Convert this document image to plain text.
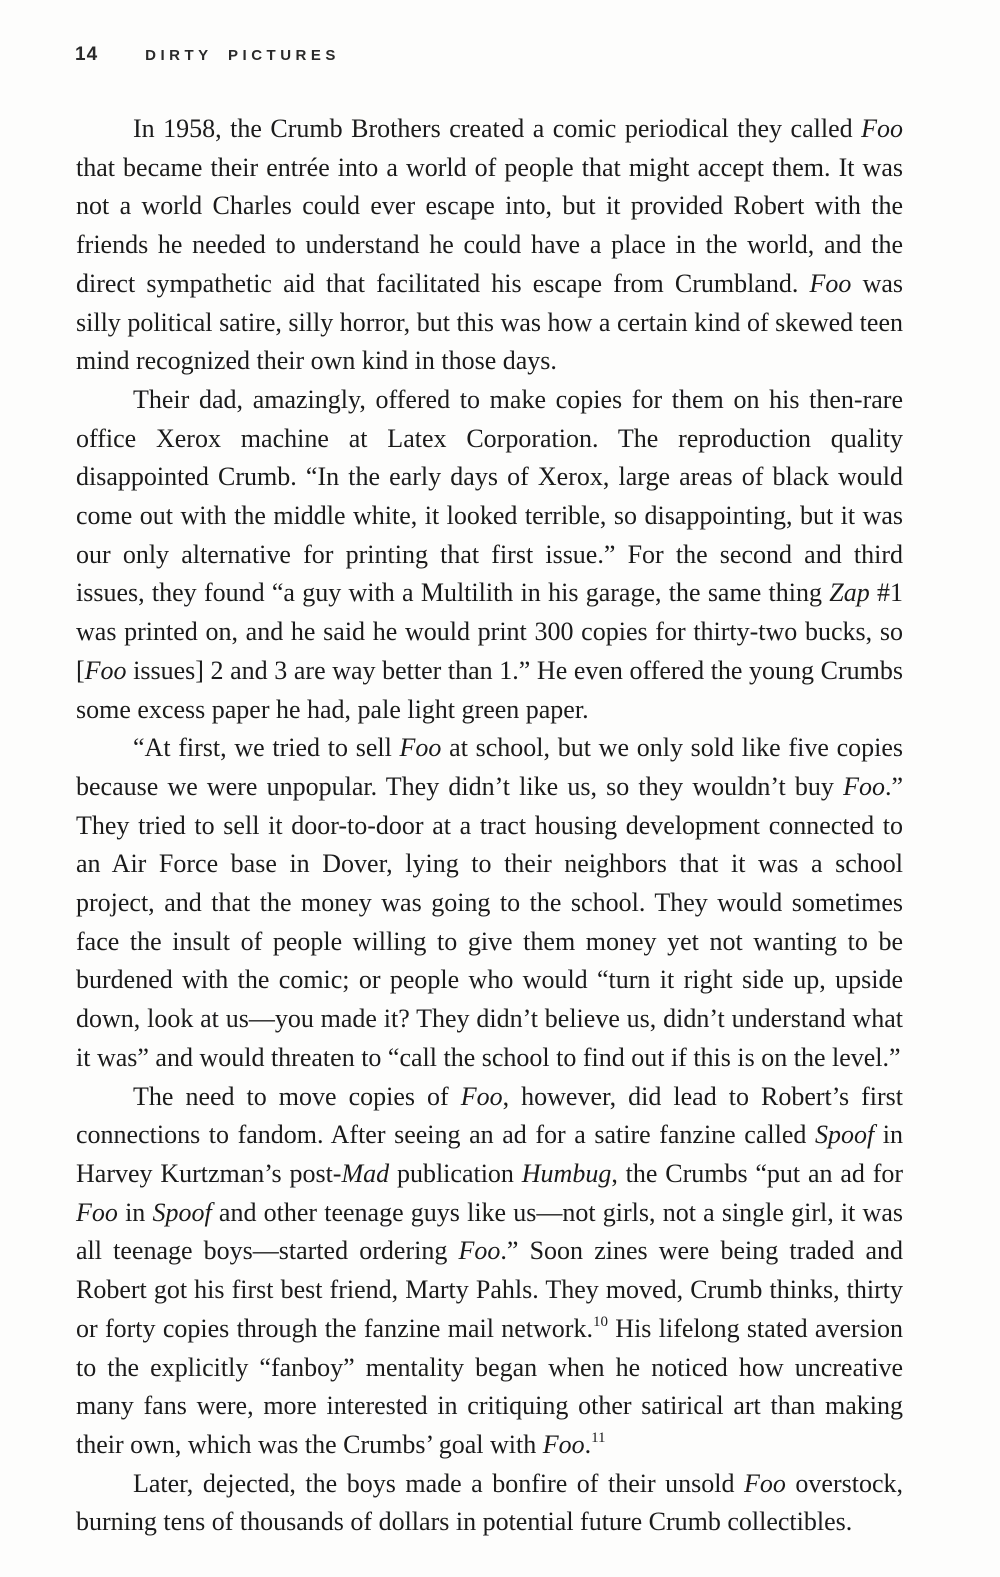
14	DIRTY PICTURES

In 1958, the Crumb Brothers created a comic periodical they called Foo that became their entrée into a world of people that might accept them. It was not a world Charles could ever escape into, but it provided Robert with the friends he needed to understand he could have a place in the world, and the direct sympathetic aid that facilitated his escape from Crumbland. Foo was silly political satire, silly horror, but this was how a certain kind of skewed teen mind recognized their own kind in those days.

Their dad, amazingly, offered to make copies for them on his then-rare office Xerox machine at Latex Corporation. The reproduction quality disappointed Crumb. “In the early days of Xerox, large areas of black would come out with the middle white, it looked terrible, so disappointing, but it was our only alternative for printing that first issue.” For the second and third issues, they found “a guy with a Multilith in his garage, the same thing Zap #1 was printed on, and he said he would print 300 copies for thirty-two bucks, so [Foo issues] 2 and 3 are way better than 1.” He even offered the young Crumbs some excess paper he had, pale light green paper.

“At first, we tried to sell Foo at school, but we only sold like five copies because we were unpopular. They didn’t like us, so they wouldn’t buy Foo.” They tried to sell it door-to-door at a tract housing development connected to an Air Force base in Dover, lying to their neighbors that it was a school project, and that the money was going to the school. They would sometimes face the insult of people willing to give them money yet not wanting to be burdened with the comic; or people who would “turn it right side up, upside down, look at us—you made it? They didn’t believe us, didn’t understand what it was” and would threaten to “call the school to find out if this is on the level.”

The need to move copies of Foo, however, did lead to Robert’s first connections to fandom. After seeing an ad for a satire fanzine called Spoof in Harvey Kurtzman’s post-Mad publication Humbug, the Crumbs “put an ad for Foo in Spoof and other teenage guys like us—not girls, not a single girl, it was all teenage boys—started ordering Foo.” Soon zines were being traded and Robert got his first best friend, Marty Pahls. They moved, Crumb thinks, thirty or forty copies through the fanzine mail network.$^{10}$ His lifelong stated aversion to the explicitly “fanboy” mentality began when he noticed how uncreative many fans were, more interested in critiquing other satirical art than making their own, which was the Crumbs’ goal with Foo.$^{11}$

Later, dejected, the boys made a bonfire of their unsold Foo overstock, burning tens of thousands of dollars in potential future Crumb collectibles.
